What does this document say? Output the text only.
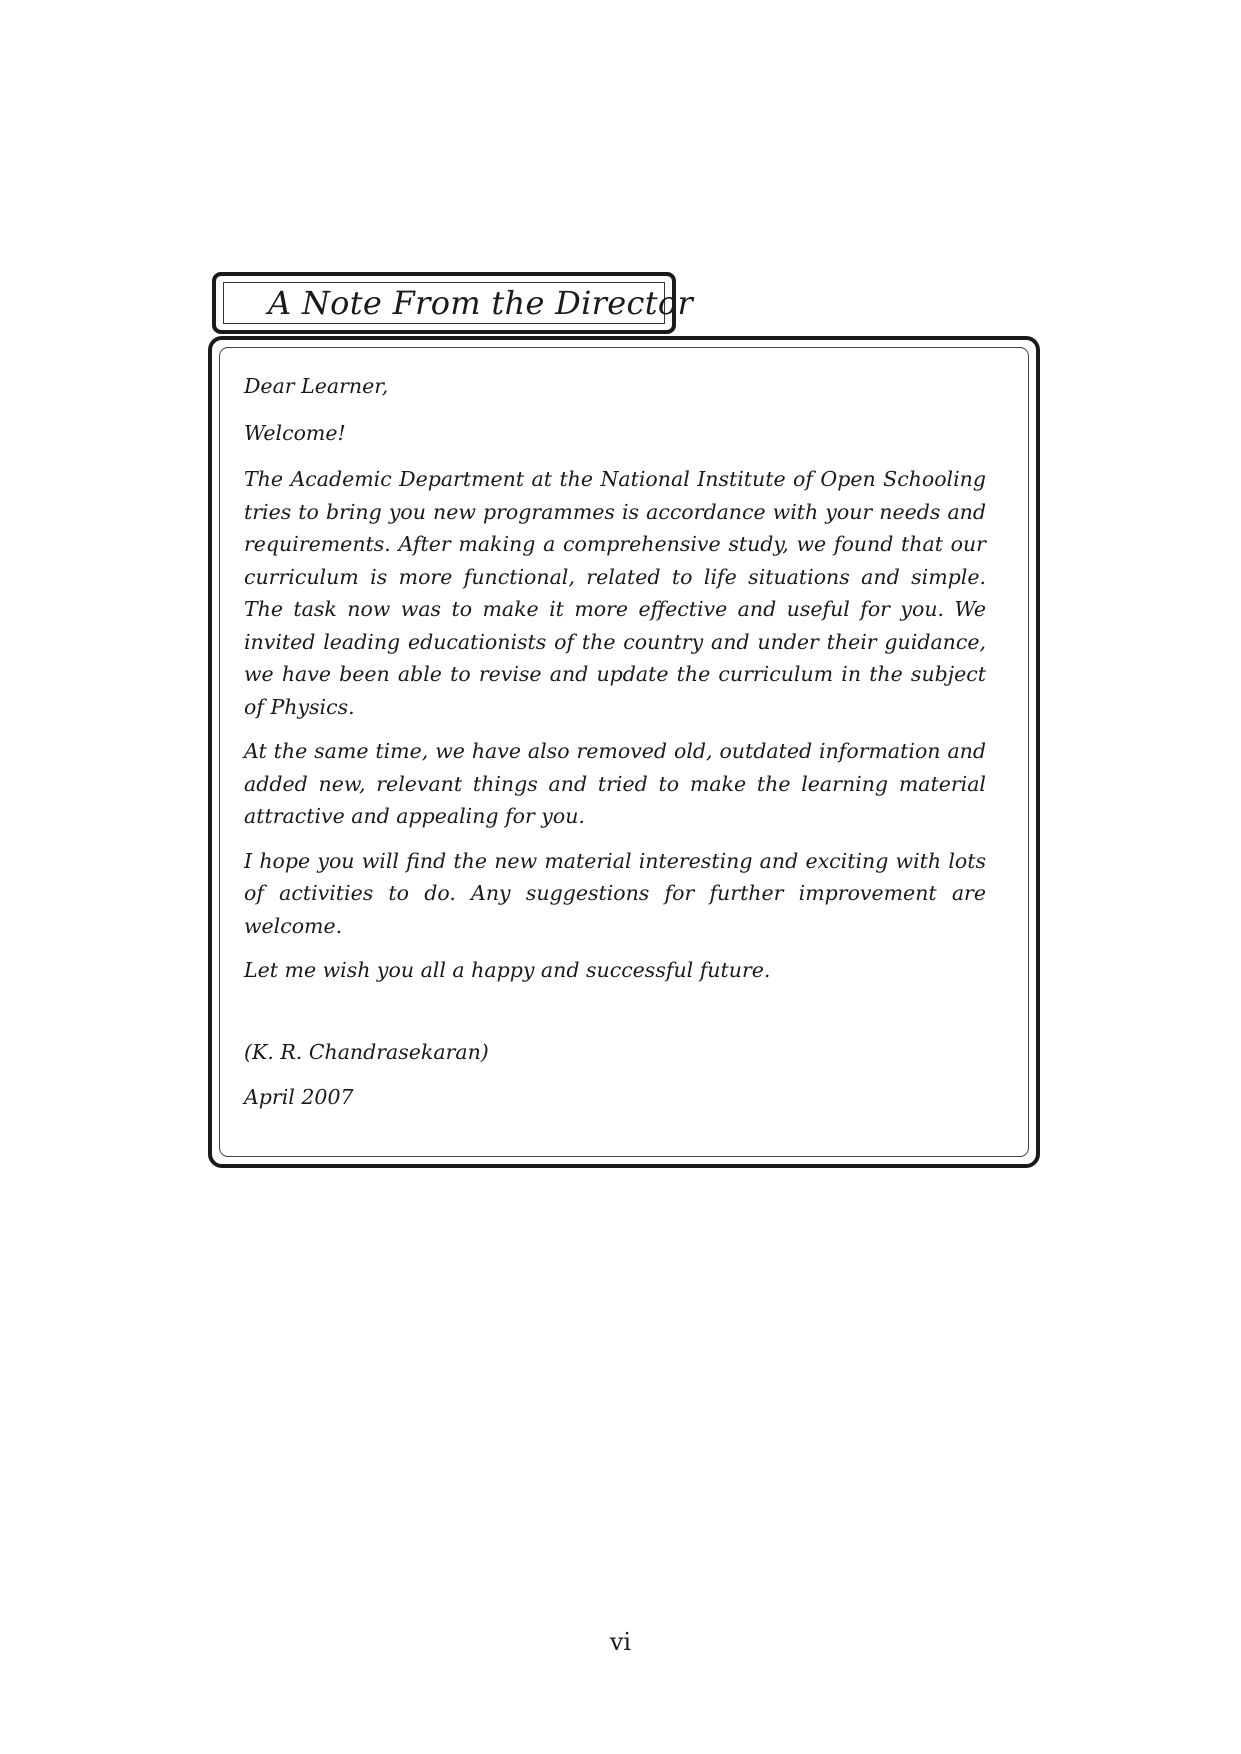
A Note From the Director

Dear Learner,

Welcome!

The Academic Department at the National Institute of Open Schooling tries to bring you new programmes is accordance with your needs and requirements. After making a comprehensive study, we found that our curriculum is more functional, related to life situations and simple. The task now was to make it more effective and useful for you. We invited leading educationists of the country and under their guidance, we have been able to revise and update the curriculum in the subject of Physics.

At the same time, we have also removed old, outdated information and added new, relevant things and tried to make the learning material attractive and appealing for you.

I hope you will find the new material interesting and exciting with lots of activities to do. Any suggestions for further improvement are welcome.

Let me wish you all a happy and successful future.

(K. R. Chandrasekaran)

April 2007

vi
